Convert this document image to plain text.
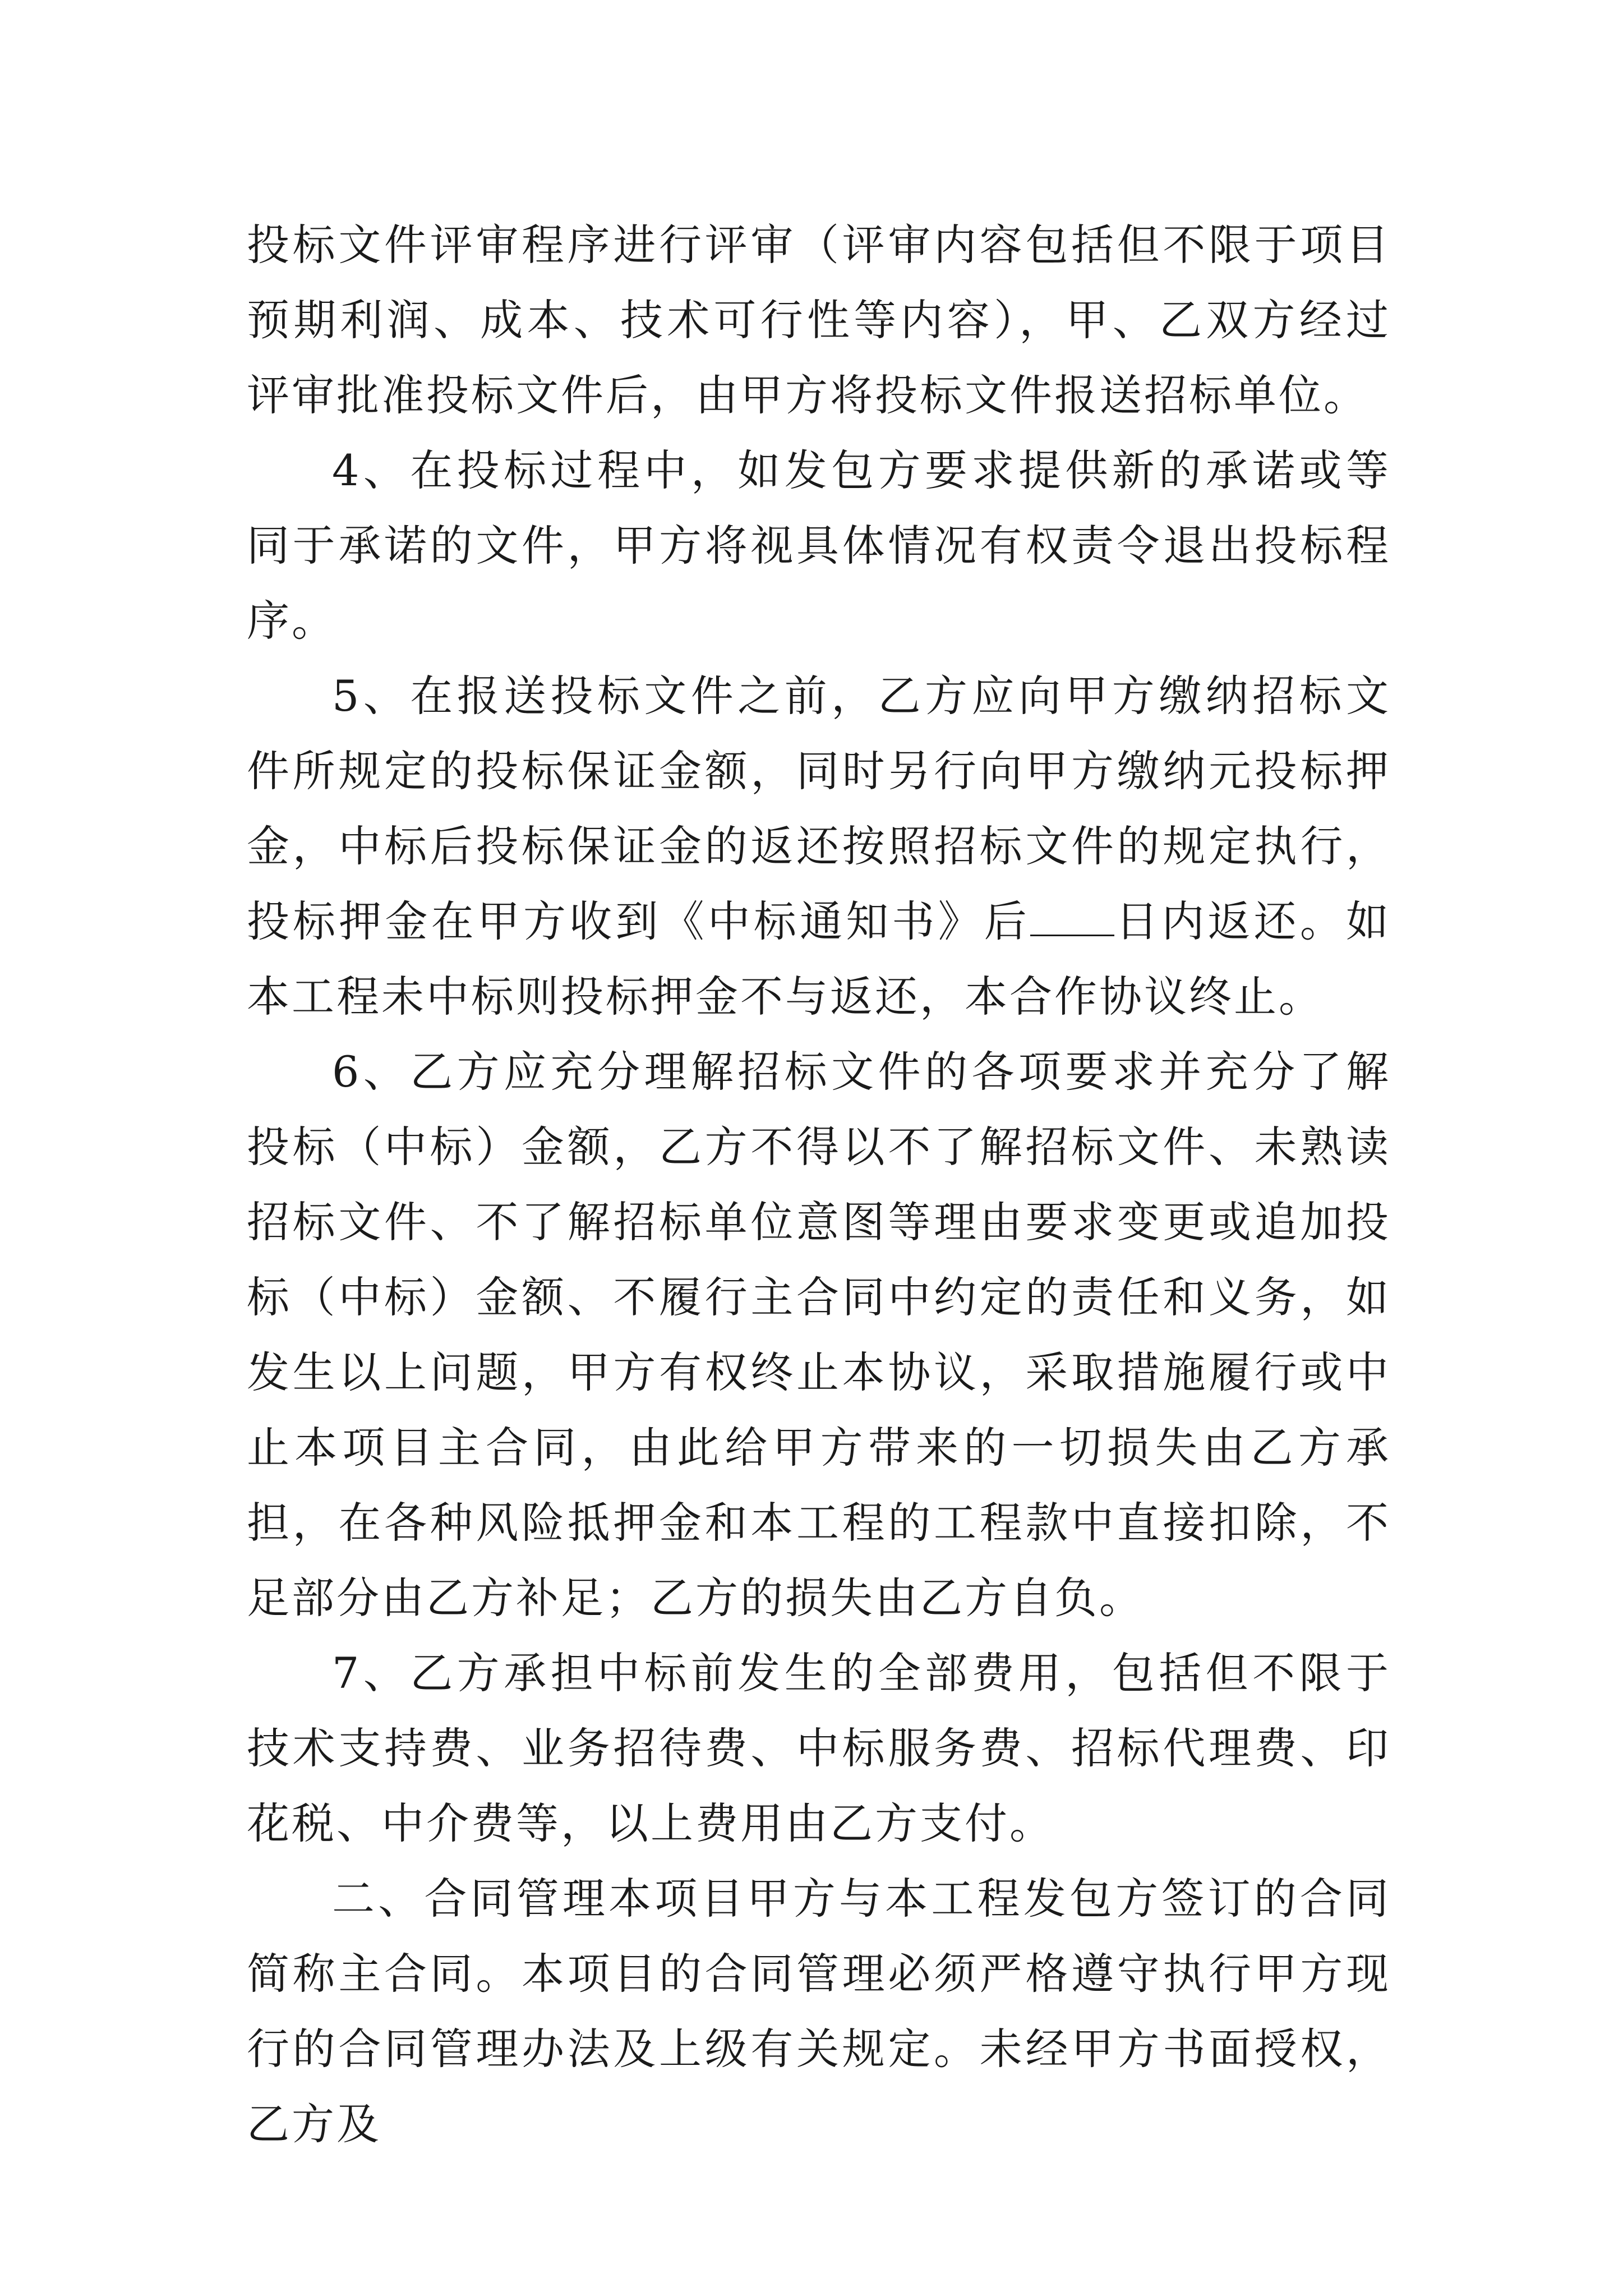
投标文件评审程序进行评审（评审内容包括但不限于项目预期利润、成本、技术可行性等内容），甲、乙双方经过评审批准投标文件后，由甲方将投标文件报送招标单位。

4、在投标过程中，如发包方要求提供新的承诺或等同于承诺的文件，甲方将视具体情况有权责令退出投标程序。

5、在报送投标文件之前，乙方应向甲方缴纳招标文件所规定的投标保证金额，同时另行向甲方缴纳元投标押金，中标后投标保证金的返还按照招标文件的规定执行，投标押金在甲方收到《中标通知书》后 日内返还。如本工程未中标则投标押金不与返还，本合作协议终止。

6、乙方应充分理解招标文件的各项要求并充分了解投标（中标）金额，乙方不得以不了解招标文件、未熟读招标文件、不了解招标单位意图等理由要求变更或追加投标（中标）金额、不履行主合同中约定的责任和义务，如发生以上问题，甲方有权终止本协议，采取措施履行或中止本项目主合同，由此给甲方带来的一切损失由乙方承担，在各种风险抵押金和本工程的工程款中直接扣除，不足部分由乙方补足；乙方的损失由乙方自负。

7、乙方承担中标前发生的全部费用，包括但不限于技术支持费、业务招待费、中标服务费、招标代理费、印花税、中介费等，以上费用由乙方支付。

二、合同管理本项目甲方与本工程发包方签订的合同简称主合同。本项目的合同管理必须严格遵守执行甲方现行的合同管理办法及上级有关规定。未经甲方书面授权，乙方及
